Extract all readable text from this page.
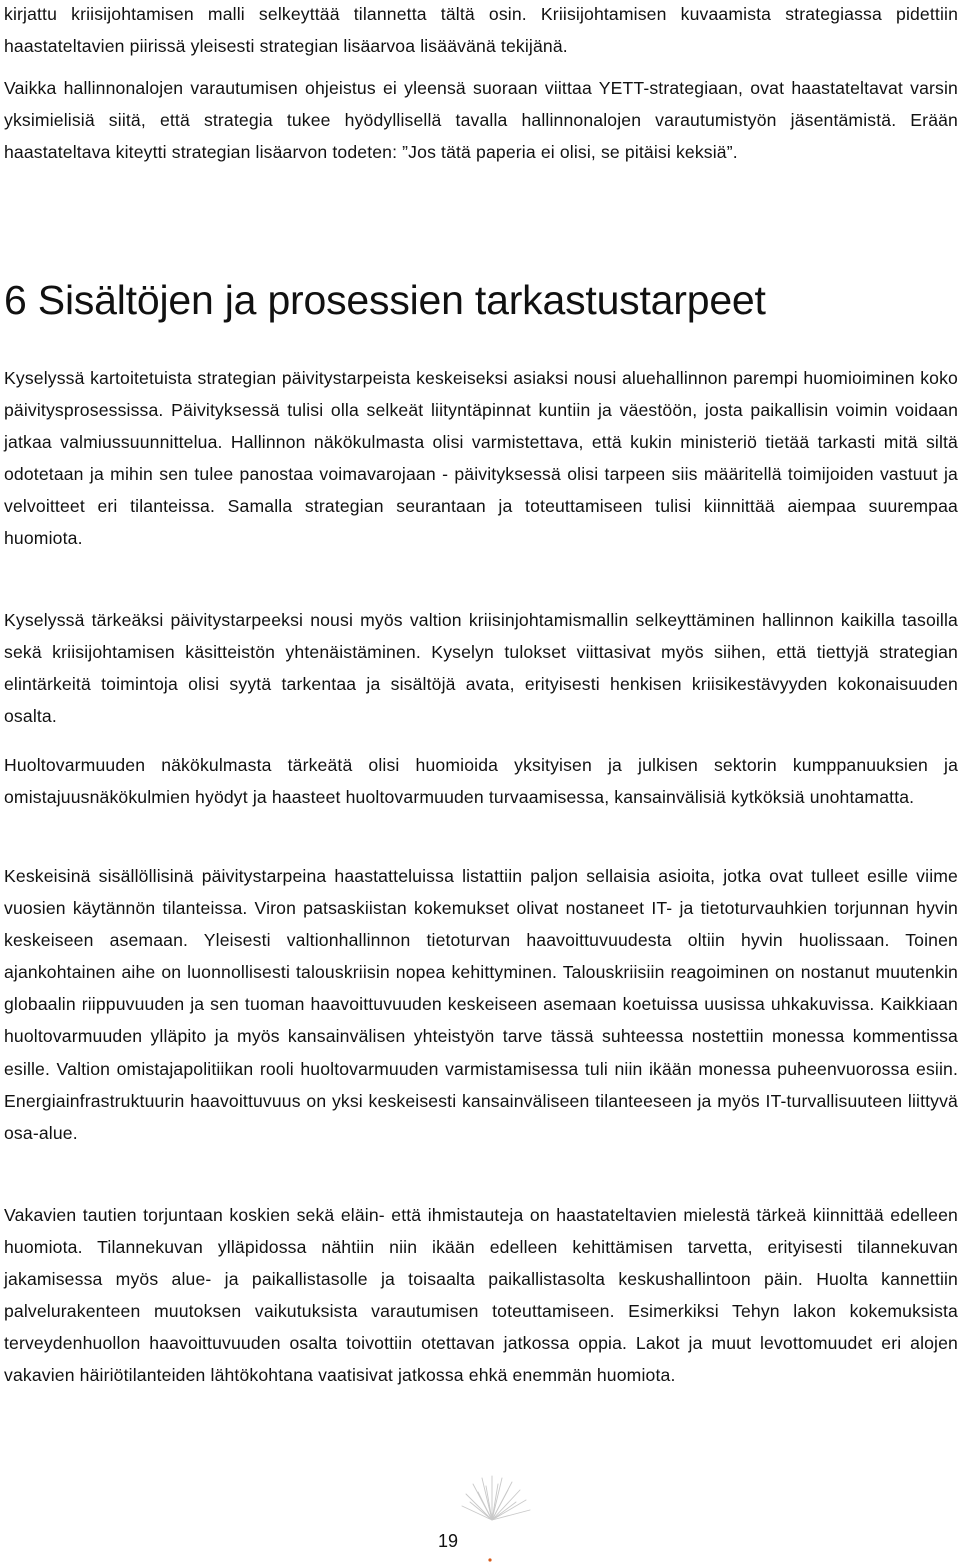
kirjattu kriisijohtamisen malli selkeyttää tilannetta tältä osin. Kriisijohtamisen kuvaamista strategiassa pidettiin haastateltavien piirissä yleisesti strategian lisäarvoa lisäävänä tekijänä.

Vaikka hallinnonalojen varautumisen ohjeistus ei yleensä suoraan viittaa YETT-strategiaan, ovat haastateltavat varsin yksimielisiä siitä, että strategia tukee hyödyllisellä tavalla hallinnonalojen varautumistyön jäsentämistä. Erään haastateltava kiteytti strategian lisäarvon todeten: ”Jos tätä paperia ei olisi, se pitäisi keksiä”.

6 Sisältöjen ja prosessien tarkastustarpeet

Kyselyssä kartoitetuista strategian päivitystarpeista keskeiseksi asiaksi nousi aluehallinnon parempi huomioiminen koko päivitysprosessissa. Päivityksessä tulisi olla selkeät liityntäpinnat kuntiin ja väestöön, josta paikallisin voimin voidaan jatkaa valmiussuunnittelua. Hallinnon näkökulmasta olisi varmistettava, että kukin ministeriö tietää tarkasti mitä siltä odotetaan ja mihin sen tulee panostaa voimavarojaan - päivityksessä olisi tarpeen siis määritellä toimijoiden vastuut ja velvoitteet eri tilanteissa. Samalla strategian seurantaan ja toteuttamiseen tulisi kiinnittää aiempaa suurempaa huomiota.

Kyselyssä tärkeäksi päivitystarpeeksi nousi myös valtion kriisinjohtamismallin selkeyttäminen hallinnon kaikilla tasoilla sekä kriisijohtamisen käsitteistön yhtenäistäminen. Kyselyn tulokset viittasivat myös siihen, että tiettyjä strategian elintärkeitä toimintoja olisi syytä tarkentaa ja sisältöjä avata, erityisesti henkisen kriisikestävyyden kokonaisuuden osalta.

Huoltovarmuuden näkökulmasta tärkeätä olisi huomioida yksityisen ja julkisen sektorin kumppanuuksien ja omistajuusnäkökulmien hyödyt ja haasteet huoltovarmuuden turvaamisessa, kansainvälisiä kytköksiä unohtamatta.

Keskeisinä sisällöllisinä päivitystarpeina haastatteluissa listattiin paljon sellaisia asioita, jotka ovat tulleet esille viime vuosien käytännön tilanteissa. Viron patsaskiistan kokemukset olivat nostaneet IT- ja tietoturvauhkien torjunnan hyvin keskeiseen asemaan. Yleisesti valtionhallinnon tietoturvan haavoittuvuudesta oltiin hyvin huolissaan. Toinen ajankohtainen aihe on luonnollisesti talouskriisin nopea kehittyminen. Talouskriisiin reagoiminen on nostanut muutenkin globaalin riippuvuuden ja sen tuoman haavoittuvuuden keskeiseen asemaan koetuissa uusissa uhkakuvissa. Kaikkiaan huoltovarmuuden ylläpito ja myös kansainvälisen yhteistyön tarve tässä suhteessa nostettiin monessa kommentissa esille. Valtion omistajapolitiikan rooli huoltovarmuuden varmistamisessa tuli niin ikään monessa puheenvuorossa esiin. Energiainfrastruktuurin haavoittuvuus on yksi keskeisesti kansainväliseen tilanteeseen ja myös IT-turvallisuuteen liittyvä osa-alue.

Vakavien tautien torjuntaan koskien sekä eläin- että ihmistauteja on haastateltavien mielestä tärkeä kiinnittää edelleen huomiota. Tilannekuvan ylläpidossa nähtiin niin ikään edelleen kehittämisen tarvetta, erityisesti tilannekuvan jakamisessa myös alue- ja paikallistasolle ja toisaalta paikallistasolta keskushallintoon päin. Huolta kannettiin palvelurakenteen muutoksen vaikutuksista varautumisen toteuttamiseen. Esimerkiksi Tehyn lakon kokemuksista terveydenhuollon haavoittuvuuden osalta toivottiin otettavan jatkossa oppia. Lakot ja muut levottomuudet eri alojen vakavien häiriötilanteiden lähtökohtana vaatisivat jatkossa ehkä enemmän huomiota.

19
